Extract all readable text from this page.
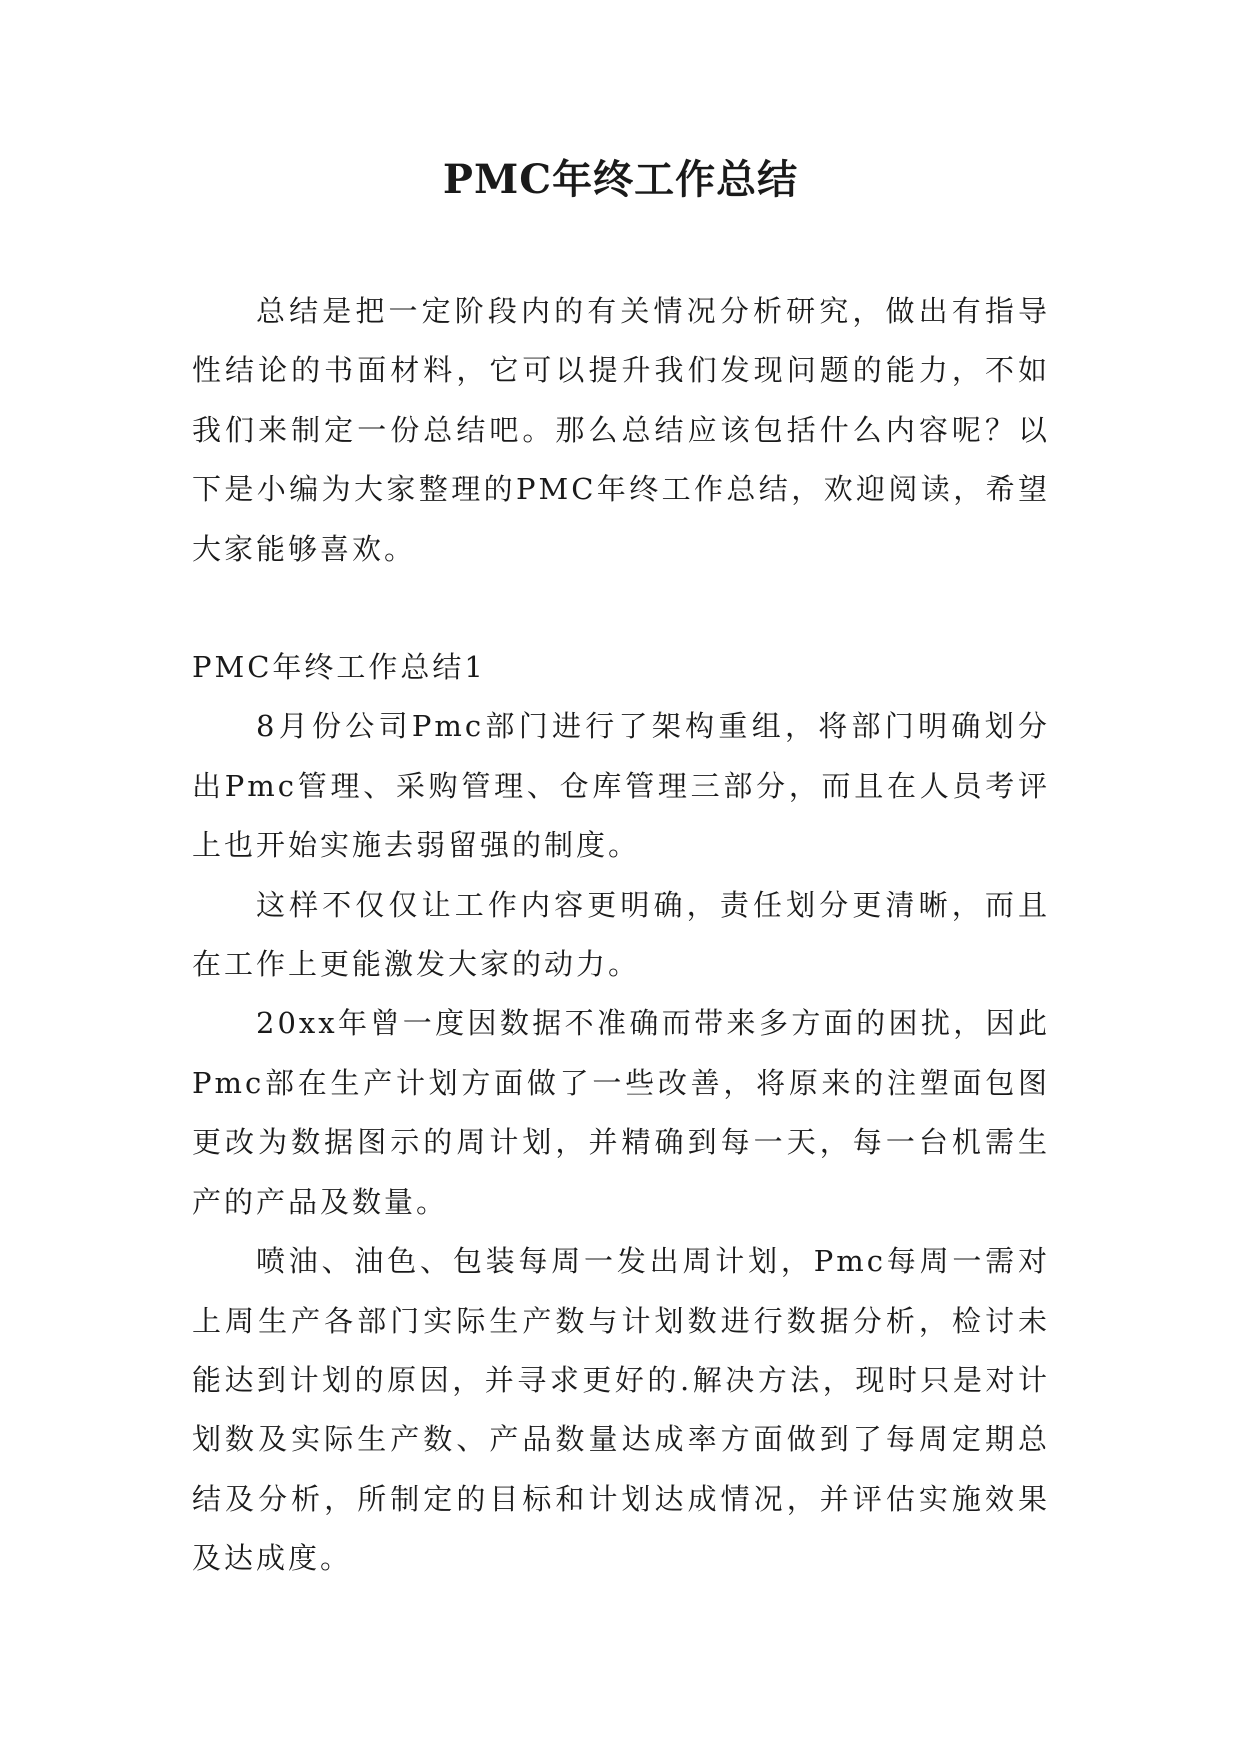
PMC年终工作总结

总结是把一定阶段内的有关情况分析研究，做出有指导性结论的书面材料，它可以提升我们发现问题的能力，不如我们来制定一份总结吧。那么总结应该包括什么内容呢？以下是小编为大家整理的PMC年终工作总结，欢迎阅读，希望大家能够喜欢。

PMC年终工作总结1

8月份公司Pmc部门进行了架构重组，将部门明确划分出Pmc管理、采购管理、仓库管理三部分，而且在人员考评上也开始实施去弱留强的制度。

这样不仅仅让工作内容更明确，责任划分更清晰，而且在工作上更能激发大家的动力。

20xx年曾一度因数据不准确而带来多方面的困扰，因此Pmc部在生产计划方面做了一些改善，将原来的注塑面包图更改为数据图示的周计划，并精确到每一天，每一台机需生产的产品及数量。

喷油、油色、包装每周一发出周计划，Pmc每周一需对上周生产各部门实际生产数与计划数进行数据分析，检讨未能达到计划的原因，并寻求更好的.解决方法，现时只是对计划数及实际生产数、产品数量达成率方面做到了每周定期总结及分析，所制定的目标和计划达成情况，并评估实施效果及达成度。
